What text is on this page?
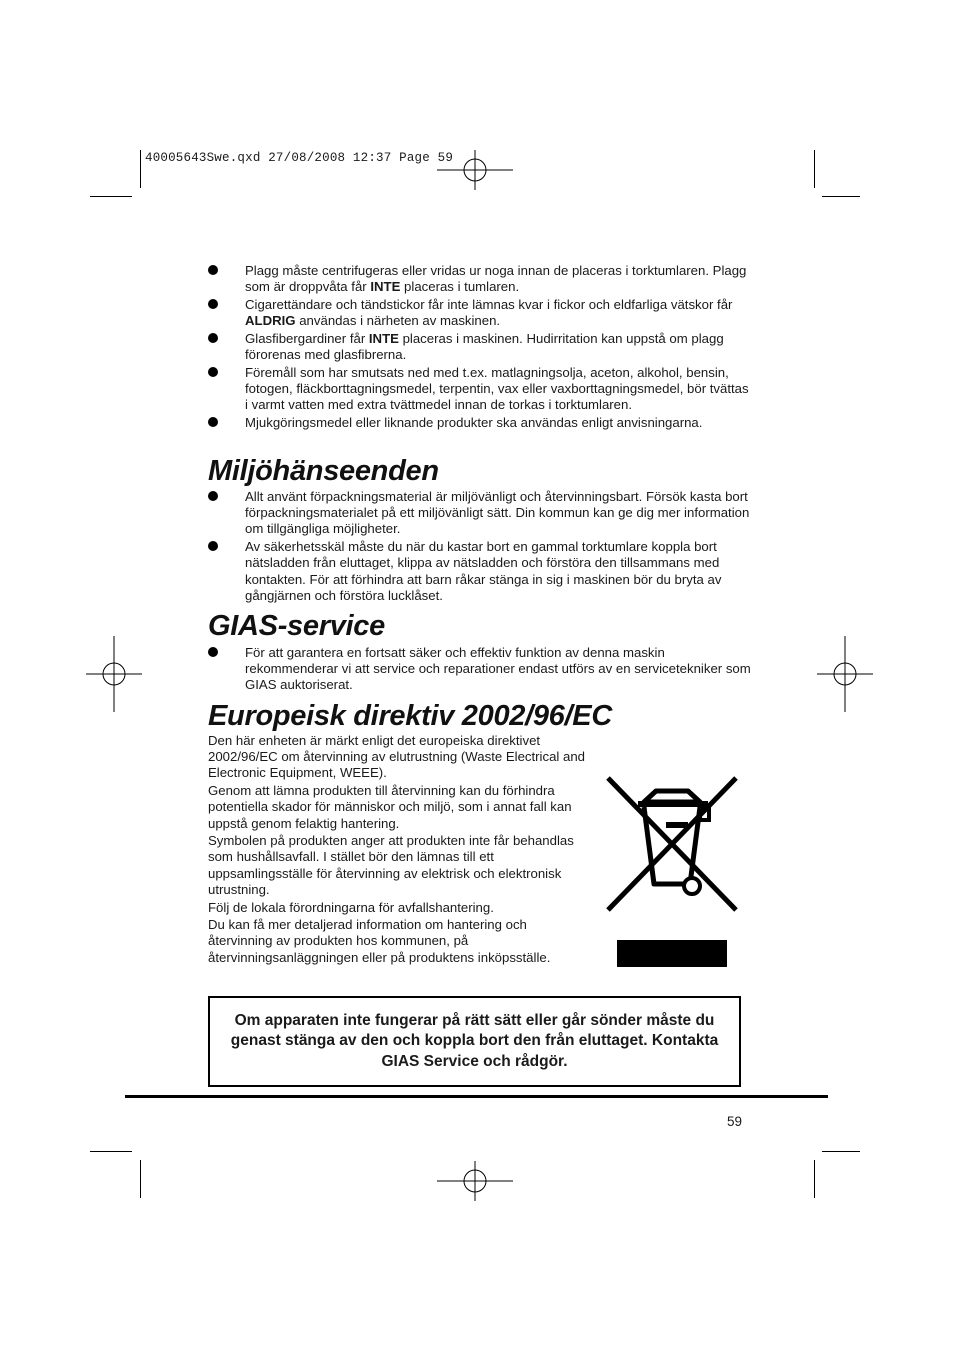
40005643Swe.qxd 27/08/2008 12:37 Page 59
Plagg måste centrifugeras eller vridas ur noga innan de placeras i torktumlaren. Plagg som är droppvåta får INTE placeras i tumlaren.
Cigarettändare och tändstickor får inte lämnas kvar i fickor och eldfarliga vätskor får ALDRIG användas i närheten av maskinen.
Glasfibergardiner får INTE placeras i maskinen. Hudirritation kan uppstå om plagg förorenas med glasfibrerna.
Föremåll som har smutsats ned med t.ex. matlagningsolja, aceton, alkohol, bensin, fotogen, fläckborttagningsmedel, terpentin, vax eller vaxborttagningsmedel, bör tvättas i varmt vatten med extra tvättmedel innan de torkas i torktumlaren.
Mjukgöringsmedel eller liknande produkter ska användas enligt anvisningarna.
Miljöhänseenden
Allt använt förpackningsmaterial är miljövänligt och återvinningsbart. Försök kasta bort förpackningsmaterialet på ett miljövänligt sätt. Din kommun kan ge dig mer information om tillgängliga möjligheter.
Av säkerhetsskäl måste du när du kastar bort en gammal torktumlare koppla bort nätsladden från eluttaget, klippa av nätsladden och förstöra den tillsammans med kontakten. För att förhindra att barn råkar stänga in sig i maskinen bör du bryta av gångjärnen och förstöra lucklåset.
GIAS-service
För att garantera en fortsatt säker och effektiv funktion av denna maskin rekommenderar vi att service och reparationer endast utförs av en servicetekniker som GIAS auktoriserat.
Europeisk direktiv 2002/96/EC

Den här enheten är märkt enligt det europeiska direktivet 2002/96/EC om återvinning av elutrustning (Waste Electrical and Electronic Equipment, WEEE).

Genom att lämna produkten till återvinning kan du förhindra potentiella skador för människor och miljö, som i annat fall kan uppstå genom felaktig hantering.

Symbolen på produkten anger att produkten inte får behandlas som hushållsavfall. I stället bör den lämnas till ett uppsamlingsställe för återvinning av elektrisk och elektronisk utrustning.

Följ de lokala förordningarna för avfallshantering.

Du kan få mer detaljerad information om hantering och återvinning av produkten hos kommunen, på återvinningsanläggningen eller på produktens inköpsställe.

Om apparaten inte fungerar på rätt sätt eller går sönder måste du genast stänga av den och koppla bort den från eluttaget. Kontakta GIAS Service och rådgör.
59
